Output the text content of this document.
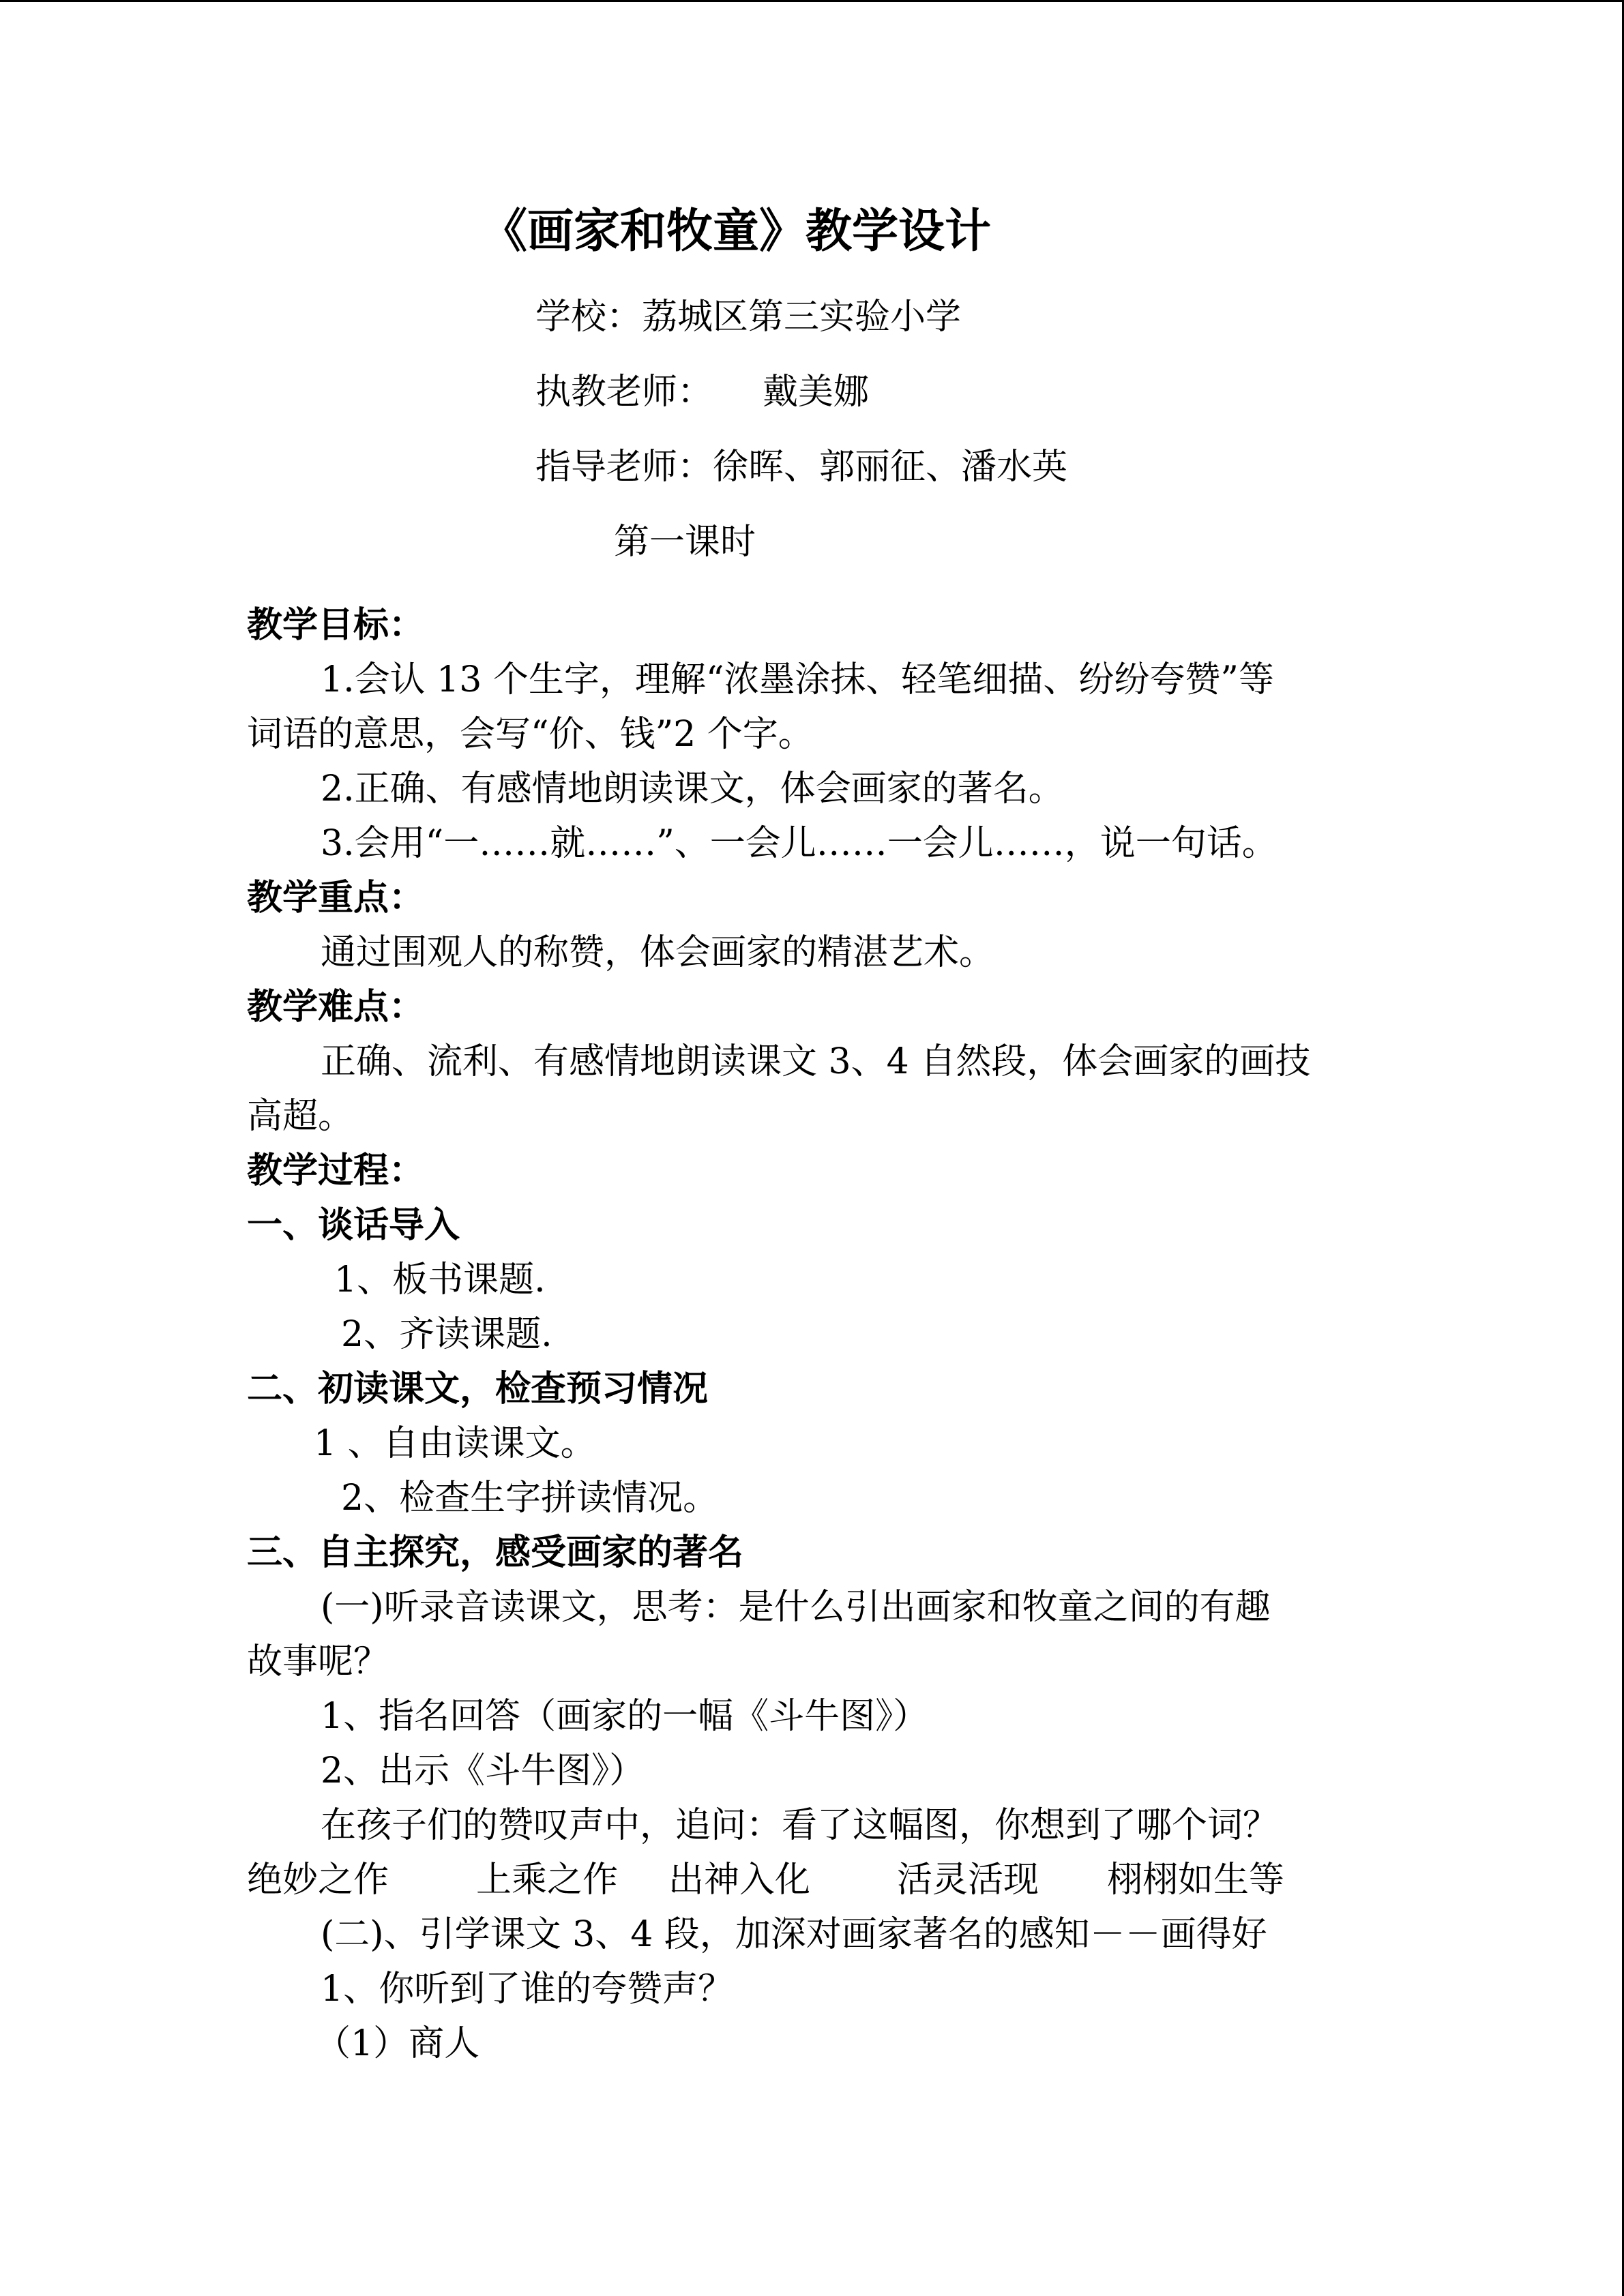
《画家和牧童》教学设计
学校：荔城区第三实验小学
执教老师： 戴美娜
指导老师：徐晖、郭丽征、潘水英
第一课时
教学目标：
1.会认 13 个生字，理解“浓墨涂抹、轻笔细描、纷纷夸赞”等
词语的意思，会写“价、钱”2 个字。
2.正确、有感情地朗读课文，体会画家的著名。
3.会用“一……就……”、一会儿……一会儿……，说一句话。
教学重点：
通过围观人的称赞，体会画家的精湛艺术。
教学难点：
正确、流利、有感情地朗读课文 3、4 自然段，体会画家的画技
高超。
教学过程：
一、谈话导入
1、板书课题.
2、齐读课题.
二、初读课文，检查预习情况
1 、自由读课文。
2、检查生字拼读情况。
三、自主探究，感受画家的著名
(一)听录音读课文，思考：是什么引出画家和牧童之间的有趣
故事呢？
1、指名回答（画家的一幅《斗牛图》）
2、出示《斗牛图》）
在孩子们的赞叹声中，追问：看了这幅图，你想到了哪个词？
绝妙之作 上乘之作 出神入化 活灵活现 栩栩如生等
(二)、引学课文 3、4 段，加深对画家著名的感知－－画得好
1、你听到了谁的夸赞声？
（1）商人
